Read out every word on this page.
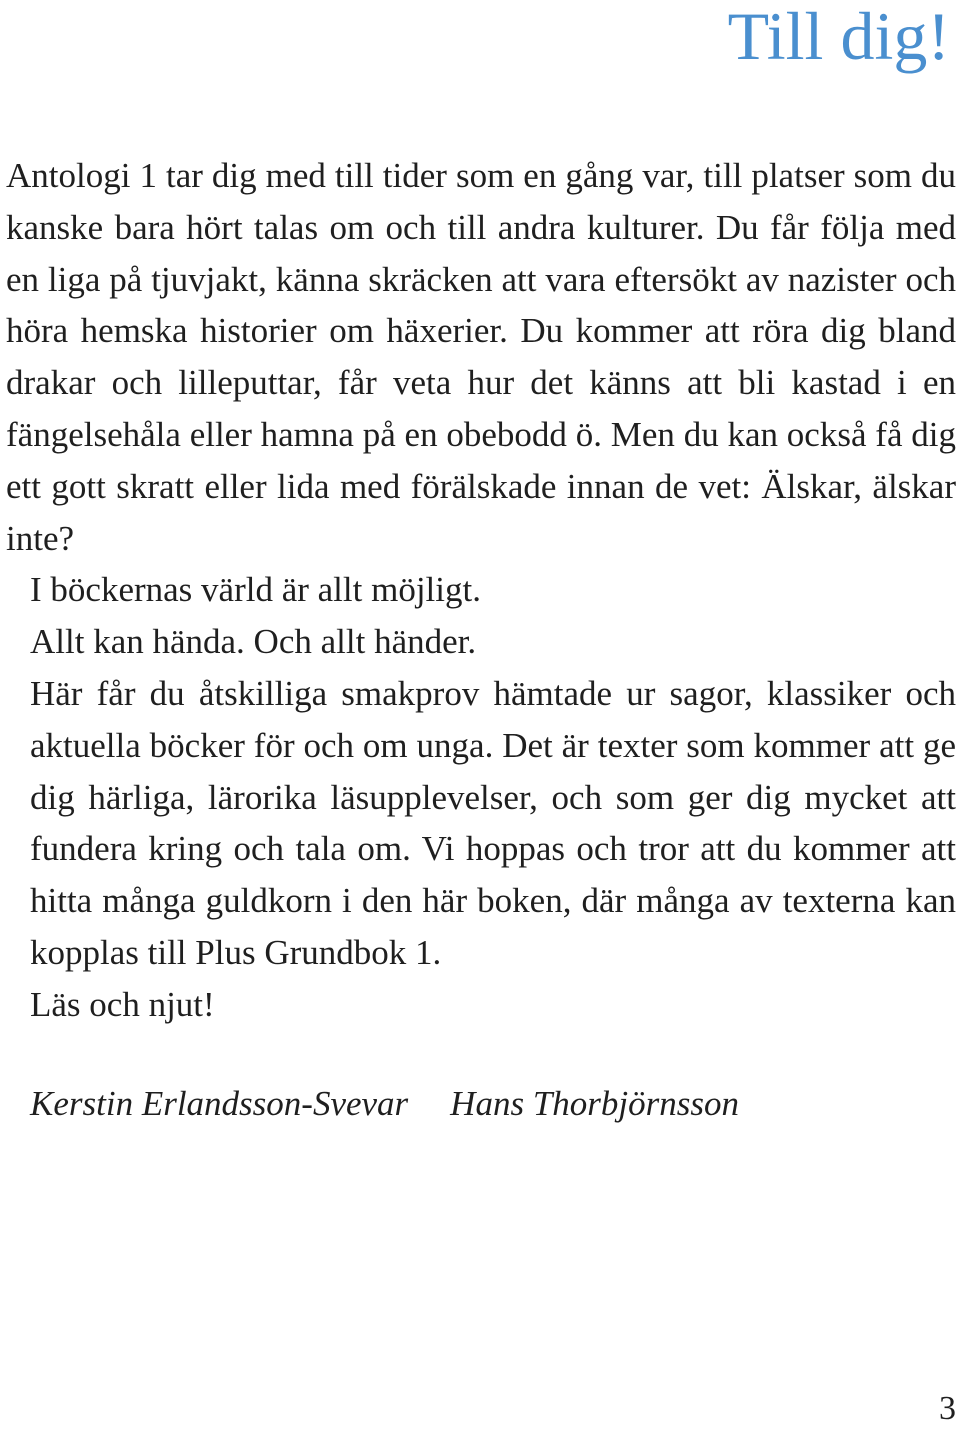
Till dig!

Antologi 1 tar dig med till tider som en gång var, till platser som du kanske bara hört talas om och till andra kulturer. Du får följa med en liga på tjuvjakt, känna skräcken att vara eftersökt av nazister och höra hemska historier om häxerier. Du kommer att röra dig bland drakar och lilleputtar, får veta hur det känns att bli kastad i en fängelsehåla eller hamna på en obebodd ö. Men du kan också få dig ett gott skratt eller lida med förälskade innan de vet: Älskar, älskar inte?

I böckernas värld är allt möjligt.

Allt kan hända. Och allt händer.

Här får du åtskilliga smakprov hämtade ur sagor, klassiker och aktuella böcker för och om unga. Det är texter som kommer att ge dig härliga, lärorika läsupplevelser, och som ger dig mycket att fundera kring och tala om. Vi hoppas och tror att du kommer att hitta många guldkorn i den här boken, där många av texterna kan kopplas till Plus Grundbok 1.

Läs och njut!

Kerstin Erlandsson-Svevar Hans Thorbjörnsson
3
